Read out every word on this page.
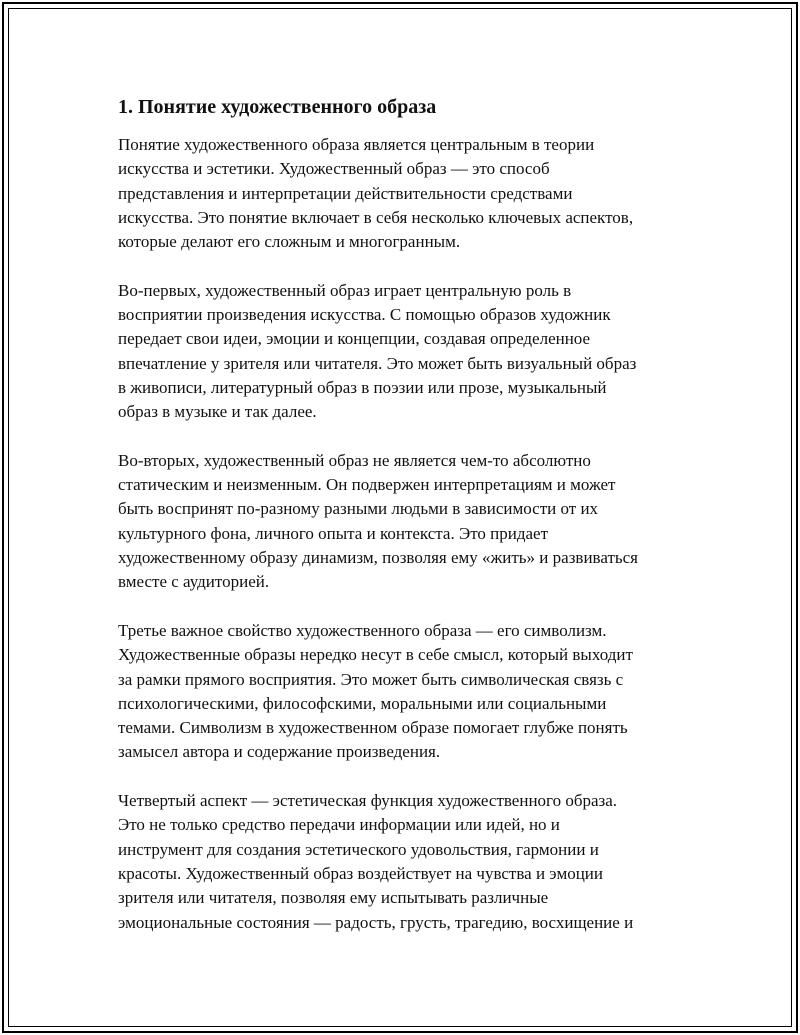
1. Понятие художественного образа

Понятие художественного образа является центральным в теории
искусства и эстетики. Художественный образ — это способ
представления и интерпретации действительности средствами
искусства. Это понятие включает в себя несколько ключевых аспектов,
которые делают его сложным и многогранным.

Во-первых, художественный образ играет центральную роль в
восприятии произведения искусства. С помощью образов художник
передает свои идеи, эмоции и концепции, создавая определенное
впечатление у зрителя или читателя. Это может быть визуальный образ
в живописи, литературный образ в поэзии или прозе, музыкальный
образ в музыке и так далее.

Во-вторых, художественный образ не является чем-то абсолютно
статическим и неизменным. Он подвержен интерпретациям и может
быть воспринят по-разному разными людьми в зависимости от их
культурного фона, личного опыта и контекста. Это придает
художественному образу динамизм, позволяя ему «жить» и развиваться
вместе с аудиторией.

Третье важное свойство художественного образа — его символизм.
Художественные образы нередко несут в себе смысл, который выходит
за рамки прямого восприятия. Это может быть символическая связь с
психологическими, философскими, моральными или социальными
темами. Символизм в художественном образе помогает глубже понять
замысел автора и содержание произведения.

Четвертый аспект — эстетическая функция художественного образа.
Это не только средство передачи информации или идей, но и
инструмент для создания эстетического удовольствия, гармонии и
красоты. Художественный образ воздействует на чувства и эмоции
зрителя или читателя, позволяя ему испытывать различные
эмоциональные состояния — радость, грусть, трагедию, восхищение и
